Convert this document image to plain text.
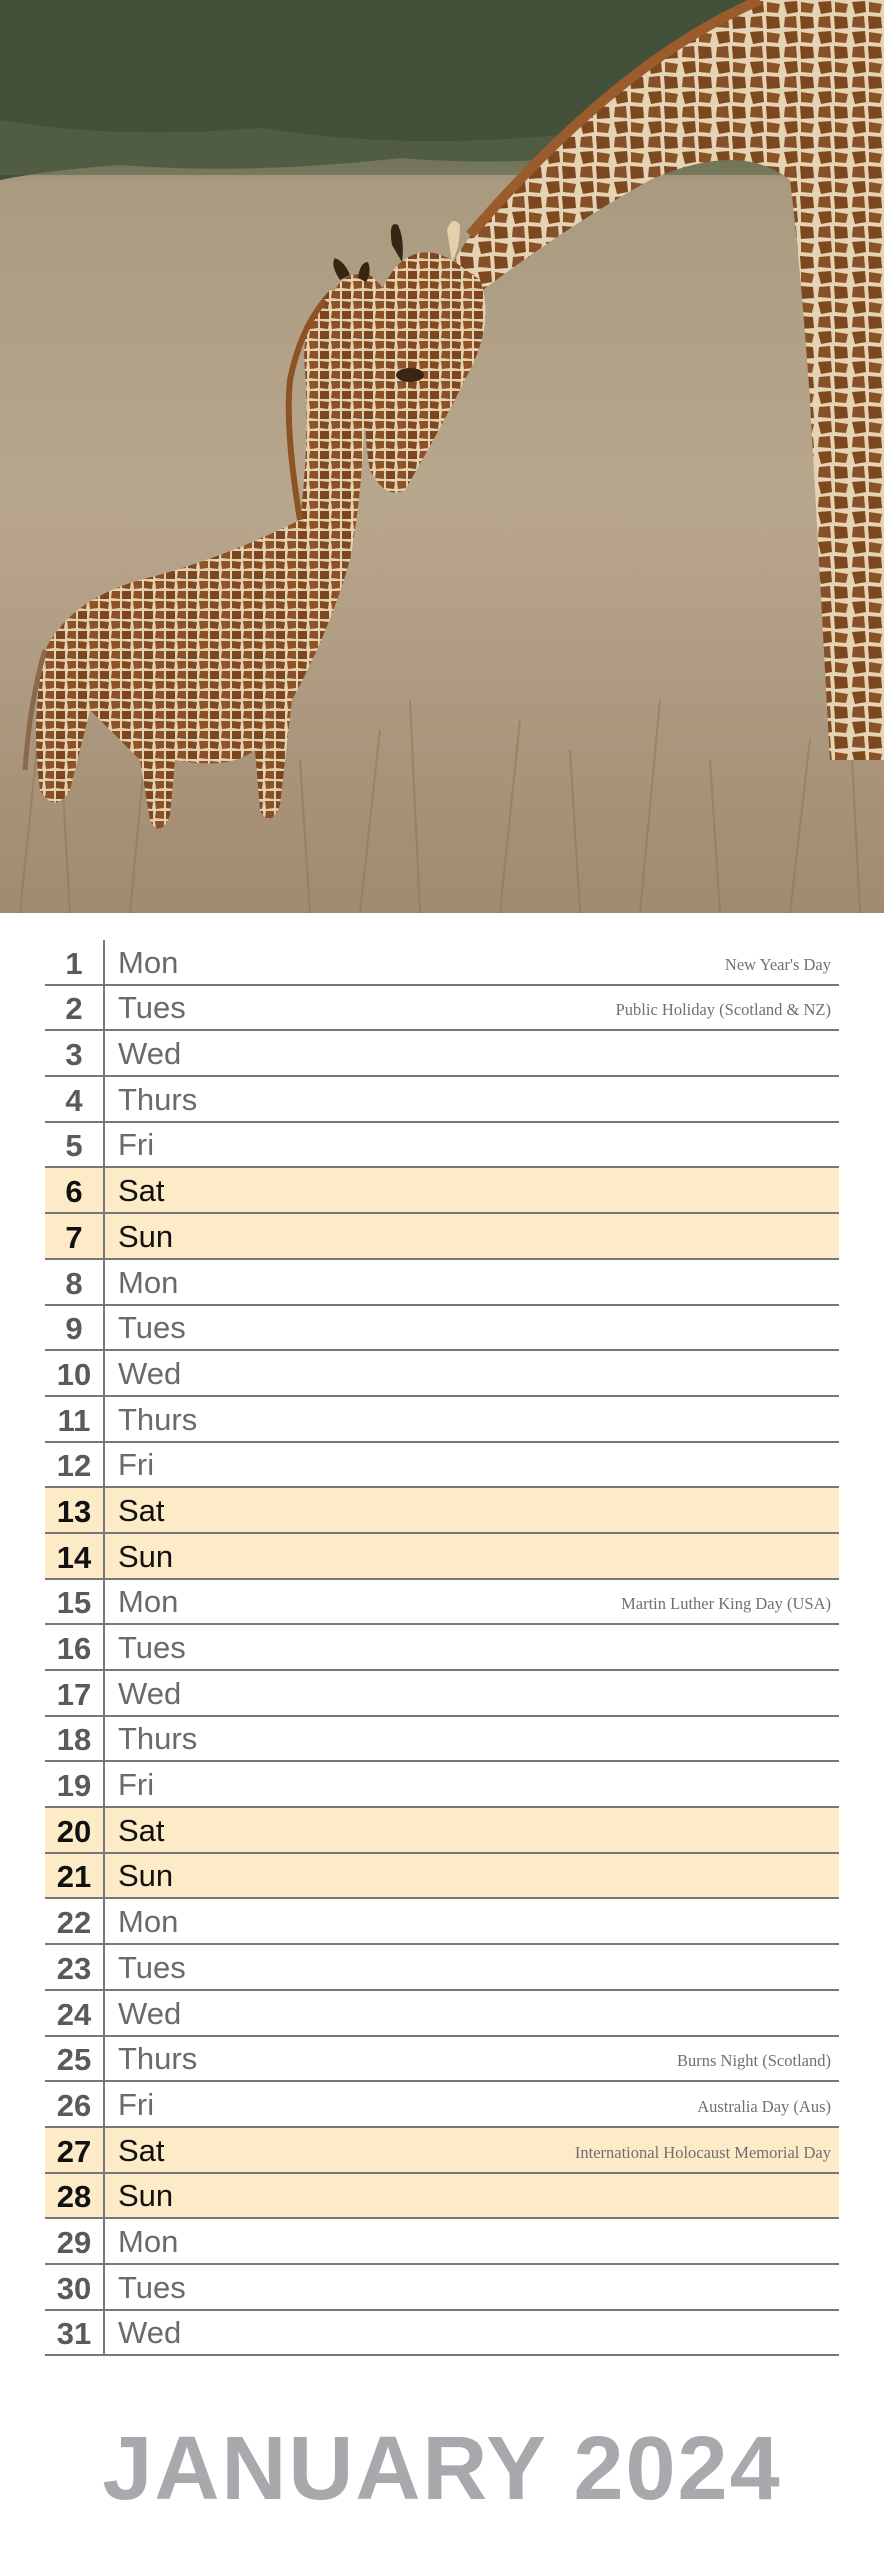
1	Mon	New Year's Day
2	Tues	Public Holiday (Scotland & NZ)
3	Wed
4	Thurs
5	Fri
6	Sat
7	Sun
8	Mon
9	Tues
10 Wed
11 Thurs
12 Fri
13 Sat
14 Sun
15 Mon	Martin Luther King Day (USA)
16 Tues
17 Wed
18 Thurs
19 Fri
20 Sat
21 Sun
22 Mon
23 Tues
24 Wed
25 Thurs	Burns Night (Scotland)
26 Fri	Australia Day (Aus)
27 Sat	International Holocaust Memorial Day
28 Sun
29 Mon
30 Tues
31 Wed
JANUARY 2024
